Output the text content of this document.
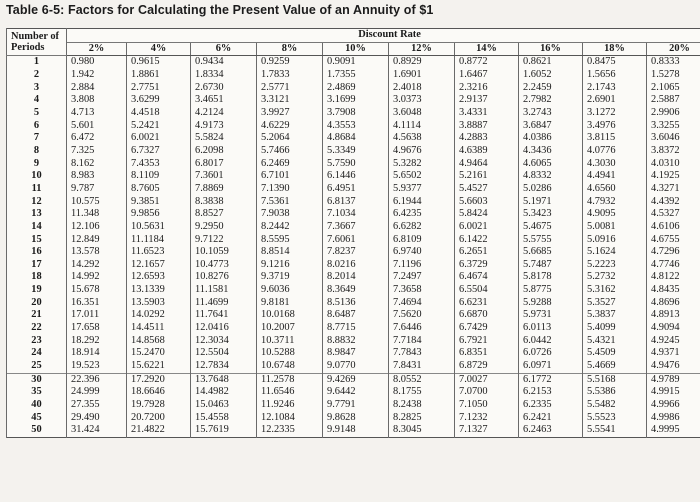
Table 6-5: Factors for Calculating the Present Value of an Annuity of $1
Number of
Periods	Discount Rate									
	2%	4%	6%	8%	10%	12%	14%	16%	18%	20%
1	0.980	0.9615	0.9434	0.9259	0.9091	0.8929	0.8772	0.8621	0.8475	0.8333
2	1.942	1.8861	1.8334	1.7833	1.7355	1.6901	1.6467	1.6052	1.5656	1.5278
3	2.884	2.7751	2.6730	2.5771	2.4869	2.4018	2.3216	2.2459	2.1743	2.1065
4	3.808	3.6299	3.4651	3.3121	3.1699	3.0373	2.9137	2.7982	2.6901	2.5887
5	4.713	4.4518	4.2124	3.9927	3.7908	3.6048	3.4331	3.2743	3.1272	2.9906
6	5.601	5.2421	4.9173	4.6229	4.3553	4.1114	3.8887	3.6847	3.4976	3.3255
7	6.472	6.0021	5.5824	5.2064	4.8684	4.5638	4.2883	4.0386	3.8115	3.6046
8	7.325	6.7327	6.2098	5.7466	5.3349	4.9676	4.6389	4.3436	4.0776	3.8372
9	8.162	7.4353	6.8017	6.2469	5.7590	5.3282	4.9464	4.6065	4.3030	4.0310
10	8.983	8.1109	7.3601	6.7101	6.1446	5.6502	5.2161	4.8332	4.4941	4.1925
11	9.787	8.7605	7.8869	7.1390	6.4951	5.9377	5.4527	5.0286	4.6560	4.3271
12	10.575	9.3851	8.3838	7.5361	6.8137	6.1944	5.6603	5.1971	4.7932	4.4392
13	11.348	9.9856	8.8527	7.9038	7.1034	6.4235	5.8424	5.3423	4.9095	4.5327
14	12.106	10.5631	9.2950	8.2442	7.3667	6.6282	6.0021	5.4675	5.0081	4.6106
15	12.849	11.1184	9.7122	8.5595	7.6061	6.8109	6.1422	5.5755	5.0916	4.6755
16	13.578	11.6523	10.1059	8.8514	7.8237	6.9740	6.2651	5.6685	5.1624	4.7296
17	14.292	12.1657	10.4773	9.1216	8.0216	7.1196	6.3729	5.7487	5.2223	4.7746
18	14.992	12.6593	10.8276	9.3719	8.2014	7.2497	6.4674	5.8178	5.2732	4.8122
19	15.678	13.1339	11.1581	9.6036	8.3649	7.3658	6.5504	5.8775	5.3162	4.8435
20	16.351	13.5903	11.4699	9.8181	8.5136	7.4694	6.6231	5.9288	5.3527	4.8696
21	17.011	14.0292	11.7641	10.0168	8.6487	7.5620	6.6870	5.9731	5.3837	4.8913
22	17.658	14.4511	12.0416	10.2007	8.7715	7.6446	6.7429	6.0113	5.4099	4.9094
23	18.292	14.8568	12.3034	10.3711	8.8832	7.7184	6.7921	6.0442	5.4321	4.9245
24	18.914	15.2470	12.5504	10.5288	8.9847	7.7843	6.8351	6.0726	5.4509	4.9371
25	19.523	15.6221	12.7834	10.6748	9.0770	7.8431	6.8729	6.0971	5.4669	4.9476
30	22.396	17.2920	13.7648	11.2578	9.4269	8.0552	7.0027	6.1772	5.5168	4.9789
35	24.999	18.6646	14.4982	11.6546	9.6442	8.1755	7.0700	6.2153	5.5386	4.9915
40	27.355	19.7928	15.0463	11.9246	9.7791	8.2438	7.1050	6.2335	5.5482	4.9966
45	29.490	20.7200	15.4558	12.1084	9.8628	8.2825	7.1232	6.2421	5.5523	4.9986
50	31.424	21.4822	15.7619	12.2335	9.9148	8.3045	7.1327	6.2463	5.5541	4.9995
